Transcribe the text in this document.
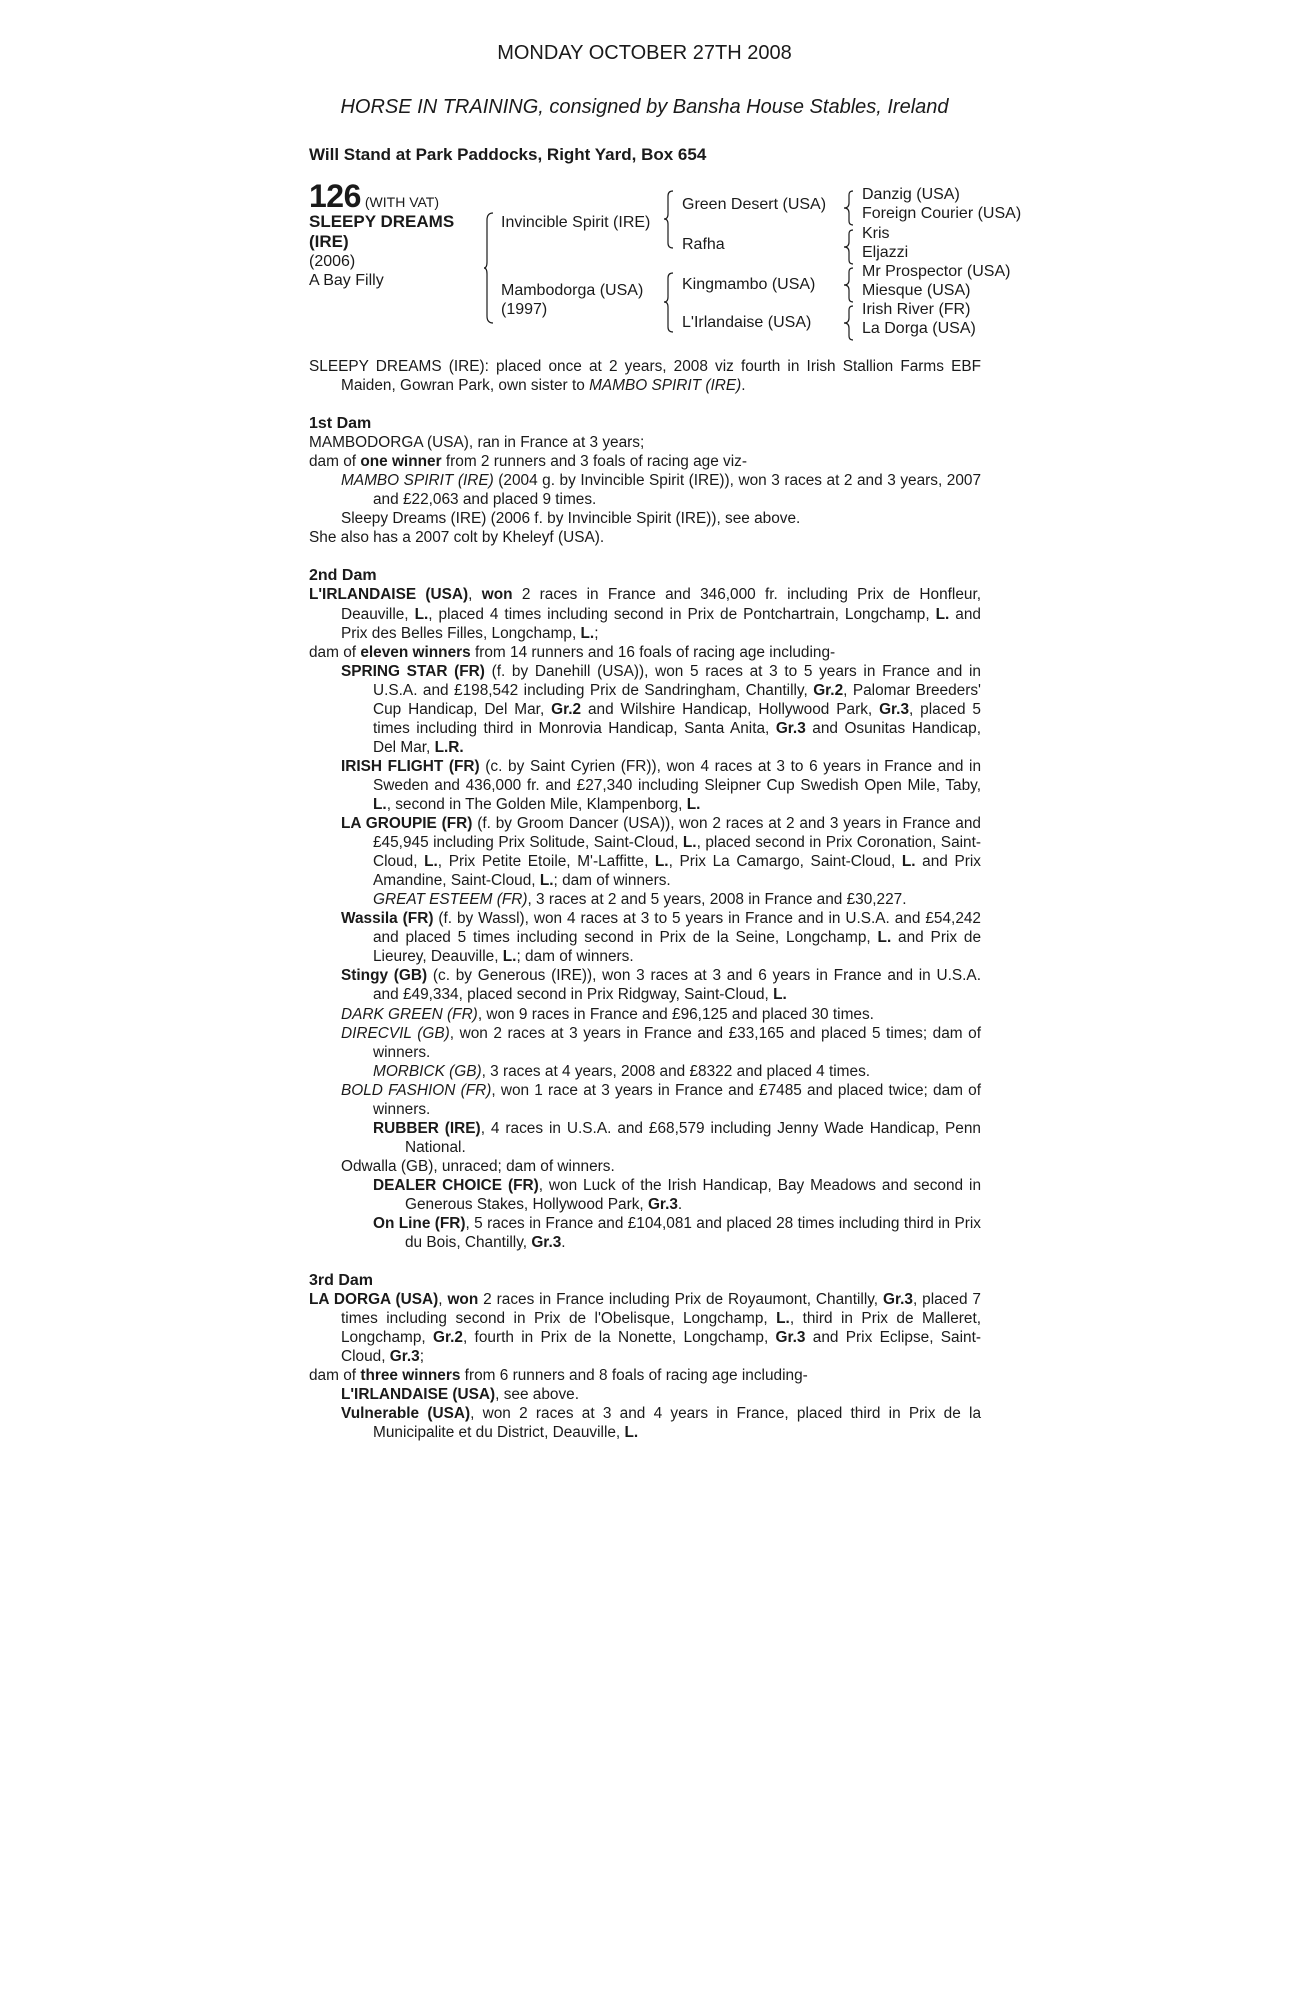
MONDAY OCTOBER 27TH 2008
HORSE IN TRAINING, consigned by Bansha House Stables, Ireland
Will Stand at Park Paddocks, Right Yard, Box 654
126 (WITH VAT)
SLEEPY DREAMS
(IRE)
(2006)
A Bay Filly
Invincible Spirit (IRE)
Mambodorga (USA)
(1997)
Green Desert (USA)
Rafha
Kingmambo (USA)
L'Irlandaise (USA)
Danzig (USA)
Foreign Courier (USA)
Kris
Eljazzi
Mr Prospector (USA)
Miesque (USA)
Irish River (FR)
La Dorga (USA)

SLEEPY DREAMS (IRE): placed once at 2 years, 2008 viz fourth in Irish Stallion Farms EBF Maiden, Gowran Park, own sister to MAMBO SPIRIT (IRE).

1st Dam

MAMBODORGA (USA), ran in France at 3 years;

dam of one winner from 2 runners and 3 foals of racing age viz-

MAMBO SPIRIT (IRE) (2004 g. by Invincible Spirit (IRE)), won 3 races at 2 and 3 years, 2007 and £22,063 and placed 9 times.

Sleepy Dreams (IRE) (2006 f. by Invincible Spirit (IRE)), see above.

She also has a 2007 colt by Kheleyf (USA).

2nd Dam

L'IRLANDAISE (USA), won 2 races in France and 346,000 fr. including Prix de Honfleur, Deauville, L., placed 4 times including second in Prix de Pontchartrain, Longchamp, L. and Prix des Belles Filles, Longchamp, L.;

dam of eleven winners from 14 runners and 16 foals of racing age including-

SPRING STAR (FR) (f. by Danehill (USA)), won 5 races at 3 to 5 years in France and in U.S.A. and £198,542 including Prix de Sandringham, Chantilly, Gr.2, Palomar Breeders' Cup Handicap, Del Mar, Gr.2 and Wilshire Handicap, Hollywood Park, Gr.3, placed 5 times including third in Monrovia Handicap, Santa Anita, Gr.3 and Osunitas Handicap, Del Mar, L.R.

IRISH FLIGHT (FR) (c. by Saint Cyrien (FR)), won 4 races at 3 to 6 years in France and in Sweden and 436,000 fr. and £27,340 including Sleipner Cup Swedish Open Mile, Taby, L., second in The Golden Mile, Klampenborg, L.

LA GROUPIE (FR) (f. by Groom Dancer (USA)), won 2 races at 2 and 3 years in France and £45,945 including Prix Solitude, Saint-Cloud, L., placed second in Prix Coronation, Saint-Cloud, L., Prix Petite Etoile, M'-Laffitte, L., Prix La Camargo, Saint-Cloud, L. and Prix Amandine, Saint-Cloud, L.; dam of winners.

GREAT ESTEEM (FR), 3 races at 2 and 5 years, 2008 in France and £30,227.

Wassila (FR) (f. by Wassl), won 4 races at 3 to 5 years in France and in U.S.A. and £54,242 and placed 5 times including second in Prix de la Seine, Longchamp, L. and Prix de Lieurey, Deauville, L.; dam of winners.

Stingy (GB) (c. by Generous (IRE)), won 3 races at 3 and 6 years in France and in U.S.A. and £49,334, placed second in Prix Ridgway, Saint-Cloud, L.

DARK GREEN (FR), won 9 races in France and £96,125 and placed 30 times.

DIRECVIL (GB), won 2 races at 3 years in France and £33,165 and placed 5 times; dam of winners.

MORBICK (GB), 3 races at 4 years, 2008 and £8322 and placed 4 times.

BOLD FASHION (FR), won 1 race at 3 years in France and £7485 and placed twice; dam of winners.

RUBBER (IRE), 4 races in U.S.A. and £68,579 including Jenny Wade Handicap, Penn National.

Odwalla (GB), unraced; dam of winners.

DEALER CHOICE (FR), won Luck of the Irish Handicap, Bay Meadows and second in Generous Stakes, Hollywood Park, Gr.3.

On Line (FR), 5 races in France and £104,081 and placed 28 times including third in Prix du Bois, Chantilly, Gr.3.

3rd Dam

LA DORGA (USA), won 2 races in France including Prix de Royaumont, Chantilly, Gr.3, placed 7 times including second in Prix de l'Obelisque, Longchamp, L., third in Prix de Malleret, Longchamp, Gr.2, fourth in Prix de la Nonette, Longchamp, Gr.3 and Prix Eclipse, Saint-Cloud, Gr.3;

dam of three winners from 6 runners and 8 foals of racing age including-

L'IRLANDAISE (USA), see above.

Vulnerable (USA), won 2 races at 3 and 4 years in France, placed third in Prix de la Municipalite et du District, Deauville, L.
